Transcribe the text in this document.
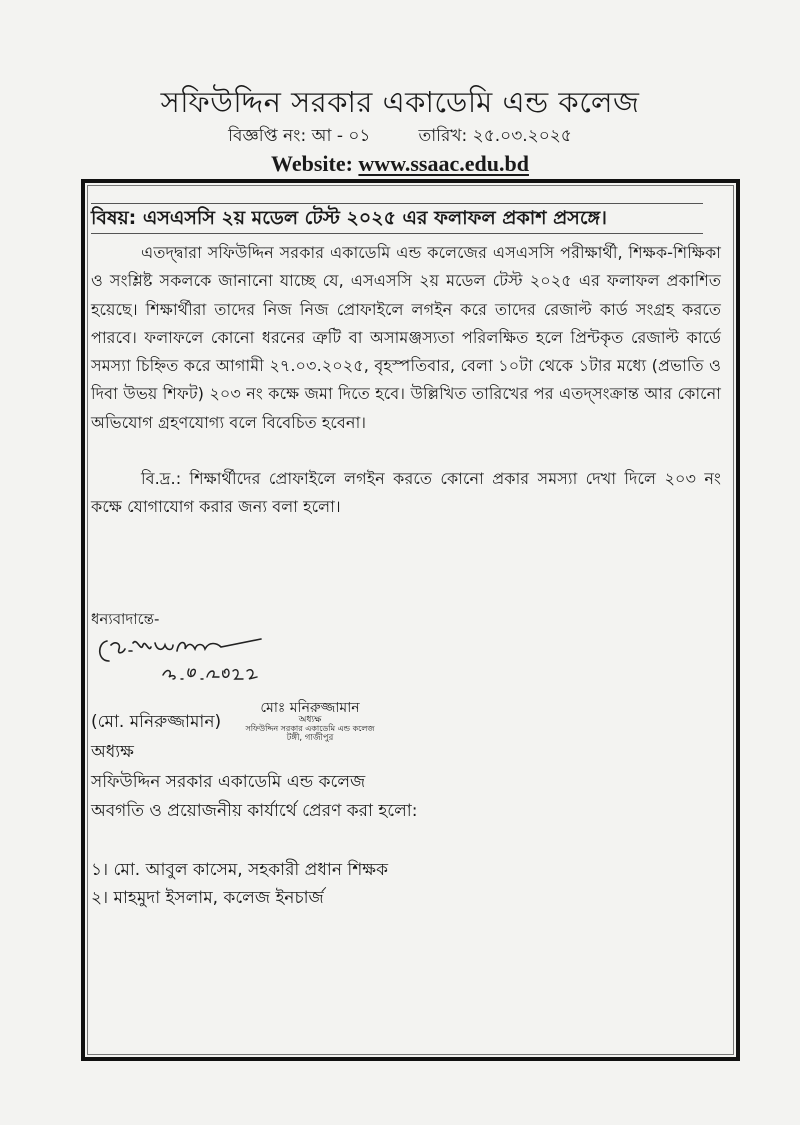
সফিউদ্দিন সরকার একাডেমি এন্ড কলেজ
বিজ্ঞপ্তি নং: আ - ০১	তারিখ: ২৫.০৩.২০২৫
Website: www.ssaac.edu.bd
বিষয়: এসএসসি ২য় মডেল টেস্ট ২০২৫ এর ফলাফল প্রকাশ প্রসঙ্গে।

এতদ্দ্বারা সফিউদ্দিন সরকার একাডেমি এন্ড কলেজের এসএসসি পরীক্ষার্থী, শিক্ষক-শিক্ষিকা ও সংশ্লিষ্ট সকলকে জানানো যাচ্ছে যে, এসএসসি ২য় মডেল টেস্ট ২০২৫ এর ফলাফল প্রকাশিত হয়েছে। শিক্ষার্থীরা তাদের নিজ নিজ প্রোফাইলে লগইন করে তাদের রেজাল্ট কার্ড সংগ্রহ করতে পারবে। ফলাফলে কোনো ধরনের ত্রুটি বা অসামঞ্জস্যতা পরিলক্ষিত হলে প্রিন্টকৃত রেজাল্ট কার্ডে সমস্যা চিহ্নিত করে আগামী ২৭.০৩.২০২৫, বৃহস্পতিবার, বেলা ১০টা থেকে ১টার মধ্যে (প্রভাতি ও দিবা উভয় শিফট) ২০৩ নং কক্ষে জমা দিতে হবে। উল্লিখিত তারিখের পর এতদ্সংক্রান্ত আর কোনো অভিযোগ গ্রহণযোগ্য বলে বিবেচিত হবেনা।

বি.দ্র.: শিক্ষার্থীদের প্রোফাইলে লগইন করতে কোনো প্রকার সমস্যা দেখা দিলে ২০৩ নং কক্ষে যোগাযোগ করার জন্য বলা হলো।

ধন্যবাদান্তে-
(মো. মনিরুজ্জামান)
মোঃ মনিরুজ্জামান
অধ্যক্ষ
সফিউদ্দিন সরকার একাডেমি এন্ড কলেজ
টঙ্গী, গাজীপুর
অধ্যক্ষ
সফিউদ্দিন সরকার একাডেমি এন্ড কলেজ
অবগতি ও প্রয়োজনীয় কার্যার্থে প্রেরণ করা হলো:
১। মো. আবুল কাসেম, সহকারী প্রধান শিক্ষক
২। মাহমুদা ইসলাম, কলেজ ইনচার্জ
